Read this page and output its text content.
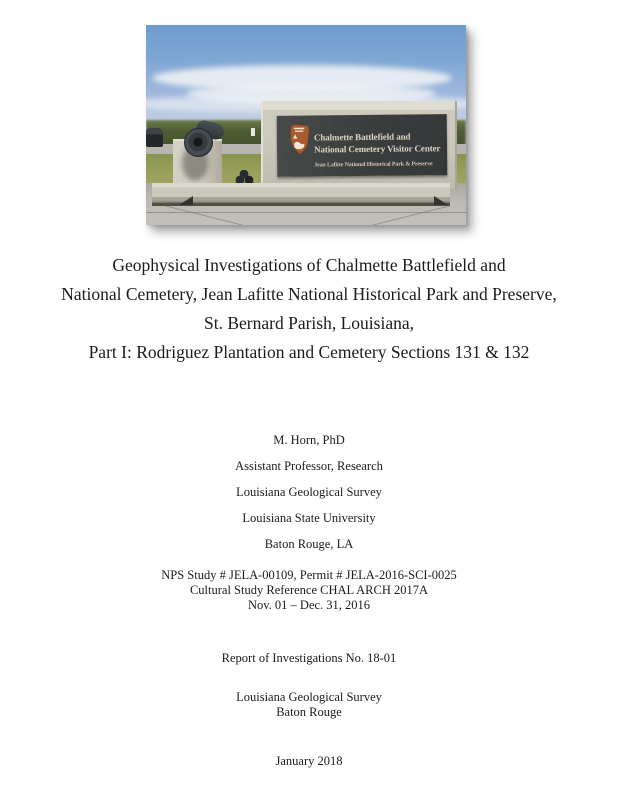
Chalmette Battlefield and
National Cemetery Visitor Center
Jean Lafitte National Historical Park & Preserve
Geophysical Investigations of Chalmette Battlefield and
National Cemetery, Jean Lafitte National Historical Park and Preserve,
St. Bernard Parish, Louisiana,
Part I: Rodriguez Plantation and Cemetery Sections 131 & 132
M. Horn, PhD
Assistant Professor, Research
Louisiana Geological Survey
Louisiana State University
Baton Rouge, LA
NPS Study # JELA-00109, Permit # JELA-2016-SCI-0025
Cultural Study Reference CHAL ARCH 2017A
Nov. 01 – Dec. 31, 2016
Report of Investigations No. 18-01
Louisiana Geological Survey
Baton Rouge
January 2018
